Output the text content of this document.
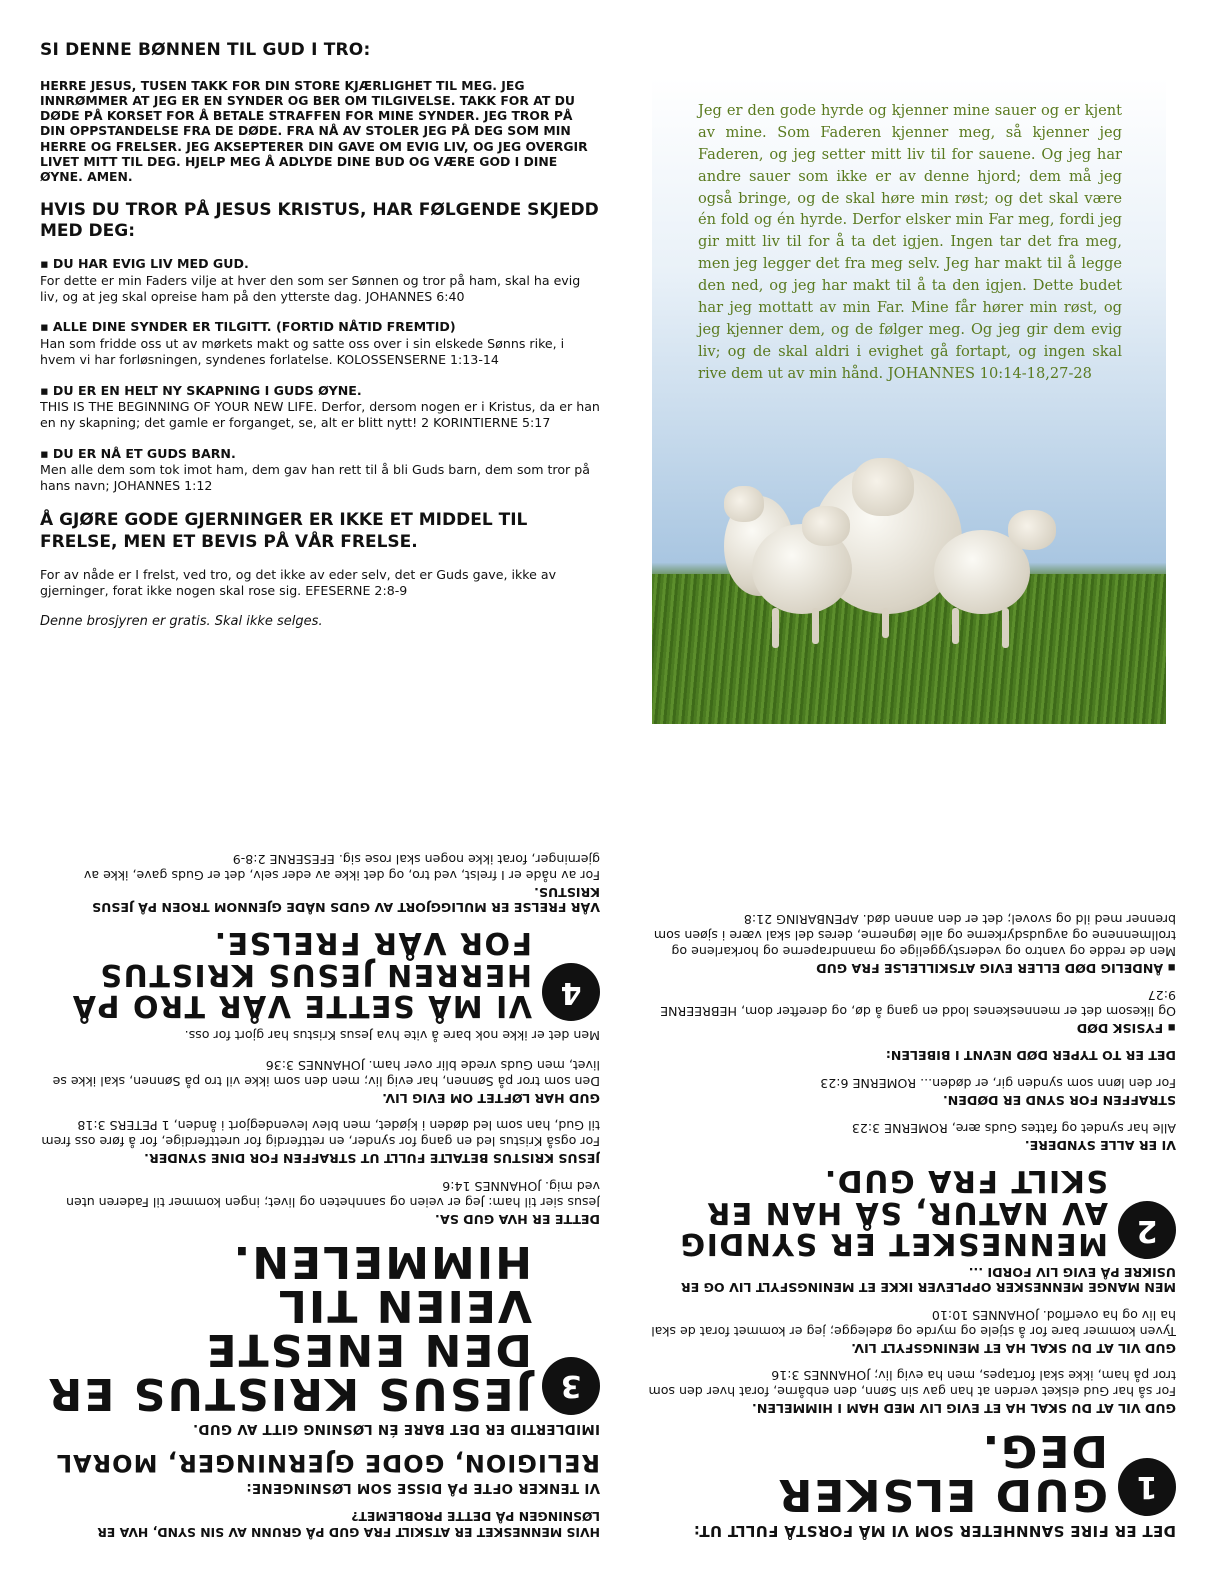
SI DENNE BØNNEN TIL GUD I TRO:
HERRE JESUS, TUSEN TAKK FOR DIN STORE KJÆRLIGHET TIL MEG. JEG INNRØMMER AT JEG ER EN SYNDER OG BER OM TILGIVELSE. TAKK FOR AT DU DØDE PÅ KORSET FOR Å BETALE STRAFFEN FOR MINE SYNDER. JEG TROR PÅ DIN OPPSTANDELSE FRA DE DØDE. FRA NÅ AV STOLER JEG PÅ DEG SOM MIN HERRE OG FRELSER. JEG AKSEPTERER DIN GAVE OM EVIG LIV, OG JEG OVERGIR LIVET MITT TIL DEG. HJELP MEG Å ADLYDE DINE BUD OG VÆRE GOD I DINE ØYNE. AMEN.
HVIS DU TROR PÅ JESUS KRISTUS, HAR FØLGENDE SKJEDD MED DEG:
▪ DU HAR EVIG LIV MED GUD.
For dette er min Faders vilje at hver den som ser Sønnen og tror på ham, skal ha evig liv, og at jeg skal opreise ham på den ytterste dag. JOHANNES 6:40
▪ ALLE DINE SYNDER ER TILGITT. (FORTID NÅTID FREMTID)
Han som fridde oss ut av mørkets makt og satte oss over i sin elskede Sønns rike, i hvem vi har forløsningen, syndenes forlatelse. KOLOSSENSERNE 1:13-14
▪ DU ER EN HELT NY SKAPNING I GUDS ØYNE.
THIS IS THE BEGINNING OF YOUR NEW LIFE. Derfor, dersom nogen er i Kristus, da er han en ny skapning; det gamle er forganget, se, alt er blitt nytt! 2 KORINTIERNE 5:17
▪ DU ER NÅ ET GUDS BARN.
Men alle dem som tok imot ham, dem gav han rett til å bli Guds barn, dem som tror på hans navn; JOHANNES 1:12
Å GJØRE GODE GJERNINGER ER IKKE ET MIDDEL TIL FRELSE, MEN ET BEVIS PÅ VÅR FRELSE.
For av nåde er I frelst, ved tro, og det ikke av eder selv, det er Guds gave, ikke av gjerninger, forat ikke nogen skal rose sig. EFESERNE 2:8-9
Denne brosjyren er gratis. Skal ikke selges.
Jeg er den gode hyrde og kjenner mine sauer og er kjent av mine. Som Faderen kjenner meg, så kjenner jeg Faderen, og jeg setter mitt liv til for sauene. Og jeg har andre sauer som ikke er av denne hjord; dem må jeg også bringe, og de skal høre min røst; og det skal være én fold og én hyrde. Derfor elsker min Far meg, fordi jeg gir mitt liv til for å ta det igjen. Ingen tar det fra meg, men jeg legger det fra meg selv. Jeg har makt til å legge den ned, og jeg har makt til å ta den igjen. Dette budet har jeg mottatt av min Far. Mine får hører min røst, og jeg kjenner dem, og de følger meg. Og jeg gir dem evig liv; og de skal aldri i evighet gå fortapt, og ingen skal rive dem ut av min hånd. JOHANNES 10:14-18,27-28
HVIS MENNESKET ER ATSKILT FRA GUD PÅ GRUNN AV SIN SYND, HVA ER LØSNINGEN PÅ DETTE PROBLEMET?
VI TENKER OFTE PÅ DISSE SOM LØSNINGENE:
RELIGION, GODE GJERNINGER, MORAL
IMIDLERTID ER DET BARE ÉN LØSNING GITT AV GUD.
3
JESUS KRISTUS ER DEN ENESTE VEIEN TIL HIMMELEN.
DETTE ER HVA GUD SA.
Jesus sier til ham: Jeg er veien og sannheten og livet; ingen kommer til Faderen uten ved mig. JOHANNES 14:6
JESUS KRISTUS BETALTE FULLT UT STRAFFEN FOR DINE SYNDER.
For også Kristus led en gang for synder, en rettferdig for urettferdige, for å føre oss frem til Gud, han som led døden i kjødet, men blev levendegjort i ånden, 1 PETERS 3:18
GUD HAR LØFTET OM EVIG LIV.
Den som tror på Sønnen, har evig liv; men den som ikke vil tro på Sønnen, skal ikke se livet, men Guds vrede blir over ham. JOHANNES 3:36
Men det er ikke nok bare å vite hva Jesus Kristus har gjort for oss.
4
VI MÅ SETTE VÅR TRO PÅ HERREN JESUS KRISTUS FOR VÅR FRELSE.
VÅR FRELSE ER MULIGGJORT AV GUDS NÅDE GJENNOM TROEN PÅ JESUS KRISTUS.
For av nåde er I frelst, ved tro, og det ikke av eder selv, det er Guds gave, ikke av gjerninger, forat ikke nogen skal rose sig. EFESERNE 2:8-9
DET ER FIRE SANNHETER SOM VI MÅ FORSTÅ FULLT UT:
1
GUD ELSKER DEG.
GUD VIL AT DU SKAL HA ET EVIG LIV MED HAM I HIMMELEN.
For så har Gud elsket verden at han gav sin Sønn, den enbårne, forat hver den som tror på ham, ikke skal fortapes, men ha evig liv; JOHANNES 3:16
GUD VIL AT DU SKAL HA ET MENINGSFYLT LIV.
Tyven kommer bare for å stjele og myrde og ødelegge; jeg er kommet forat de skal ha liv og ha overflod. JOHANNES 10:10
MEN MANGE MENNESKER OPPLEVER IKKE ET MENINGSFYLT LIV OG ER USIKRE PÅ EVIG LIV FORDI ...
2
MENNESKET ER SYNDIG AV NATUR, SÅ HAN ER SKILT FRA GUD.
VI ER ALLE SYNDERE.
Alle har syndet og fattes Guds ære, ROMERNE 3:23
STRAFFEN FOR SYND ER DØDEN.
For den lønn som synden gir, er døden... ROMERNE 6:23
DET ER TO TYPER DØD NEVNT I BIBELEN:
▪ FYSISK DØD
Og likesom det er menneskenes lodd en gang å dø, og derefter dom, HEBREERNE 9:27
▪ ÅNDELIG DØD ELLER EVIG ATSKILLELSE FRA GUD
Men de redde og vantro og vederstyggelige og manndraperne og horkarlene og trollmennene og avgudsdyrkerne og alle løgnerne, deres del skal være i sjøen som brenner med ild og svovel; det er den annen død. APENBARING 21:8
